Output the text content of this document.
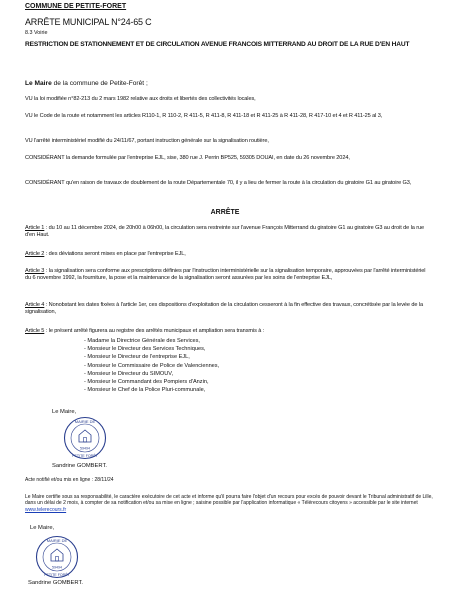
COMMUNE DE PETITE-FORET
ARRÊTE MUNICIPAL N°24-65 C
8.3 Voirie
RESTRICTION DE STATIONNEMENT ET DE CIRCULATION AVENUE FRANCOIS MITTERRAND AU DROIT DE LA RUE D'EN HAUT
Le Maire de la commune de Petite-Forêt ;
VU la loi modifiée n°82-213 du 2 mars 1982 relative aux droits et libertés des collectivités locales,
VU le Code de la route et notamment les articles R110-1, R 110-2, R 411-5, R 411-8, R 411-18 et R 411-25 à R 411-28, R 417-10 et 4 et R 411-25 al 3,
VU l'arrêté interministériel modifié du 24/11/67, portant instruction générale sur la signalisation routière,
CONSIDÉRANT la demande formulée par l'entreprise EJL, sise, 380 rue J. Perrin BP525, 59305 DOUAI, en date du 26 novembre 2024,
CONSIDÉRANT qu'en raison de travaux de doublement de la route Départementale 70, il y a lieu de fermer la route à la circulation du giratoire G1 au giratoire G3,
ARRÊTE
Article 1 : du 10 au 11 décembre 2024, de 20h00 à 06h00, la circulation sera restreinte sur l'avenue François Mitterrand du giratoire G1 au giratoire G3 au droit de la rue d'en Haut.
Article 2 : des déviations seront mises en place par l'entreprise EJL,
Article 3 : la signalisation sera conforme aux prescriptions définies par l'instruction interministérielle sur la signalisation temporaire, approuvées par l'arrêté interministériel du 6 novembre 1992, la fourniture, la pose et la maintenance de la signalisation seront assurées par les soins de l'entreprise EJL,
Article 4 : Nonobstant les dates fixées à l'article 1er, ces dispositions d'exploitation de la circulation cesseront à la fin effective des travaux, concrétisée par la levée de la signalisation,
Article 5 : le présent arrêté figurera au registre des arrêtés municipaux et ampliation sera transmis à :
- Madame la Directrice Générale des Services,
- Monsieur le Directeur des Services Techniques,
- Monsieur le Directeur de l'entreprise EJL,
- Monsieur le Commissaire de Police de Valenciennes,
- Monsieur le Directeur du SIMOUV,
- Monsieur le Commandant des Pompiers d'Anzin,
- Monsieur le Chef de la Police Pluri-communale,
Le Maire,
MAIRIE DE
PETITE FORÊT
59494
Sandrine GOMBERT.
Acte notifié et/ou mis en ligne : 28/11/24
Le Maire certifie sous sa responsabilité, le caractère exécutoire de cet acte et informe qu'il pourra faire l'objet d'un recours pour excès de pouvoir devant le Tribunal administratif de Lille, dans un délai de 2 mois, à compter de sa notification et/ou sa mise en ligne ; saisine possible par l'application informatique « Télérecours citoyens » accessible par le site internet www.telerecours.fr
Le Maire,
MAIRIE DE
PETITE FORÊT
59494
Sandrine GOMBERT.
